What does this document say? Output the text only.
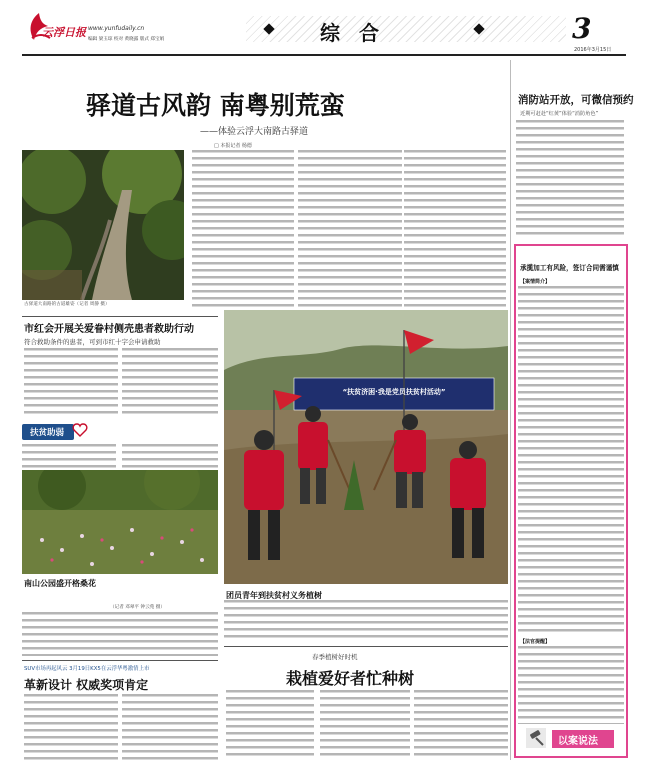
云浮日报 www.yunfudaily.cn
编辑 梁玉琼 校对 黄晓露 版式 郑宝娟	综 合	3
2016年3月15日
驿道古风韵 南粤别荒蛮
——体验云浮大南路古驿道
□ 本报记者 杨德
古驿道大南路的古道雄姿（记者 周静 摄）
市红会开展关爱眷村侧壳患者救助行动
符合救助条件的患者，可到市红十字会申请救助
扶贫助弱
南山公园盛开格桑花
（记者 邓翠平 钟云苑 摄）
SUV市场再起风云 3月19日KX5在云浮华粤激情上市
革新设计 权威奖项肯定
“扶贫济困·我是党员扶贫村活动”
团员青年到扶贫村义务植树
春季植树好时机
栽植爱好者忙种树
消防站开放，可微信预约
近期可赶赴“红黄”体验“消防角色”
承揽加工有风险，签订合同需谨慎
【案情简介】
【法官提醒】
以案说法
